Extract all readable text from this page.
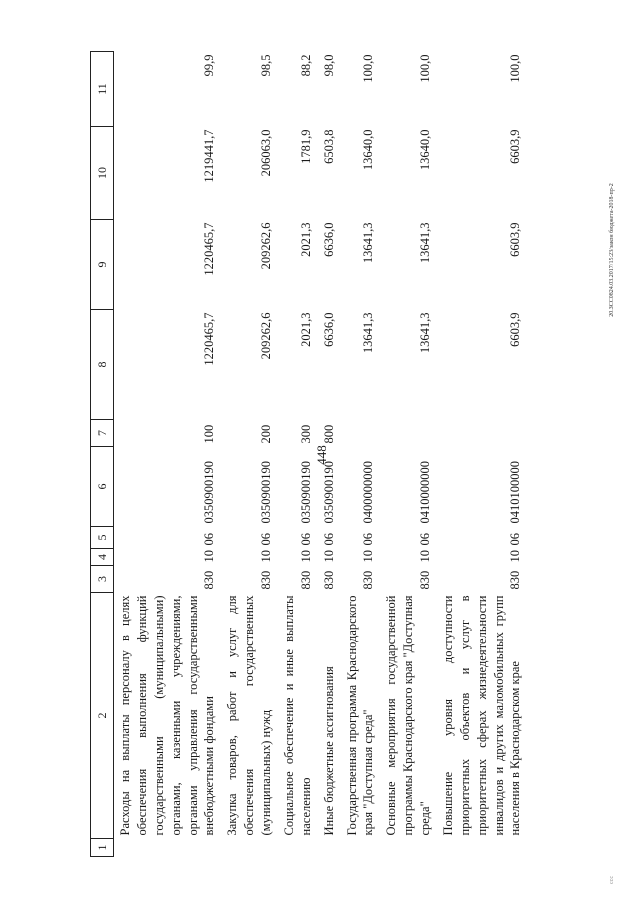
448
20.ЗСС0824.03.2017/15:23/закон бюджета-2018-пр-2
ссс
1	2	3	4	5	6	7	8	9	10	11
	Расходы на выплаты персоналу в целях обеспечения выполнения функций государственными (муниципальными) органами, казенными учреждениями, органами управления государственными внебюджетными фондами	830	10	06	0350900190	100	1220465,7	1220465,7	1219441,7	99,9
	Закупка товаров, работ и услуг для обеспечения государственных (муниципальных) нужд	830	10	06	0350900190	200	209262,6	209262,6	206063,0	98,5
	Социальное обеспечение и иные выплаты населению	830	10	06	0350900190	300	2021,3	2021,3	1781,9	88,2
	Иные бюджетные ассигнования	830	10	06	0350900190	800	6636,0	6636,0	6503,8	98,0
	Государственная программа Краснодарского края "Доступная среда"	830	10	06	0400000000		13641,3	13641,3	13640,0	100,0
	Основные мероприятия государственной программы Краснодарского края "Доступная среда"	830	10	06	0410000000		13641,3	13641,3	13640,0	100,0
	Повышение уровня доступности приоритетных объектов и услуг в приоритетных сферах жизнедеятельности инвалидов и других маломобильных групп населения в Краснодарском крае	830	10	06	0410100000		6603,9	6603,9	6603,9	100,0
